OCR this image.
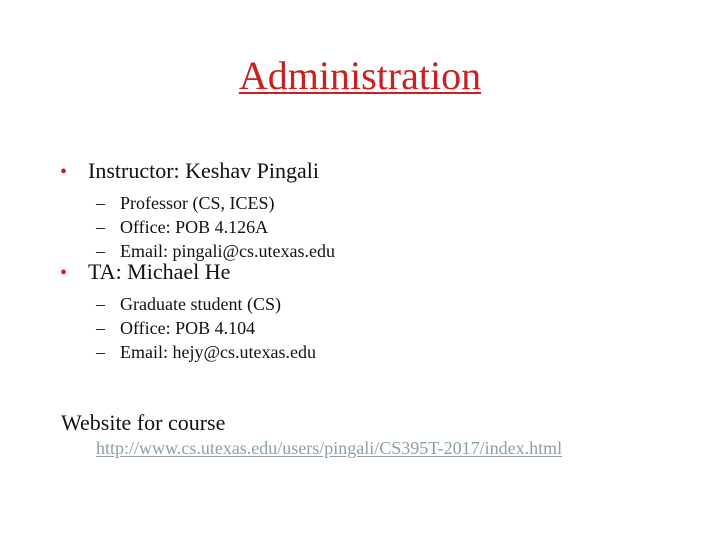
Administration
• Instructor: Keshav Pingali
– Professor (CS, ICES)
– Office: POB 4.126A
– Email: pingali@cs.utexas.edu
• TA: Michael He
– Graduate student (CS)
– Office: POB 4.104
– Email: hejy@cs.utexas.edu
Website for course
http://www.cs.utexas.edu/users/pingali/CS395T-2017/index.html
